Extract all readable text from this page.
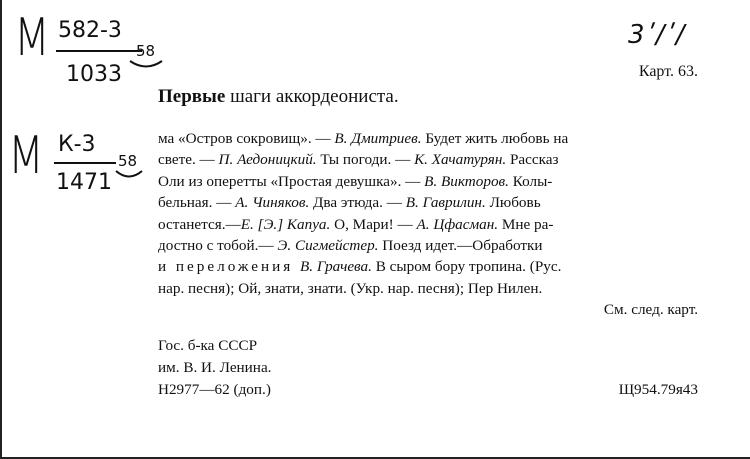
М 582-3
1033
58
М К-3
1471
58
3ʹ/ʹ/
Карт. 63.
Первые шаги аккордеониста.
ма «Остров сокровищ». — В. Дмитриев. Будет жить любовь на
свете. — П. Аедоницкий. Ты погоди. — К. Хачатурян. Рассказ
Оли из оперетты «Простая девушка». — В. Викторов. Колы-
бельная. — А. Чиняков. Два этюда. — В. Гаврилин. Любовь
останется.—Е. [Э.] Капуа. О, Мари! — А. Цфасман. Мне ра-
достно с тобой.— Э. Сигмейстер. Поезд идет.—Обработки
и переложения В. Грачева. В сыром бору тропина. (Рус.
нар. песня); Ой, знати, знати. (Укр. нар. песня); Пер Нилен.
См. след. карт.
Гос. б-ка СССР
им. В. И. Ленина.
Н2977—62 (доп.)	Щ954.79я43
